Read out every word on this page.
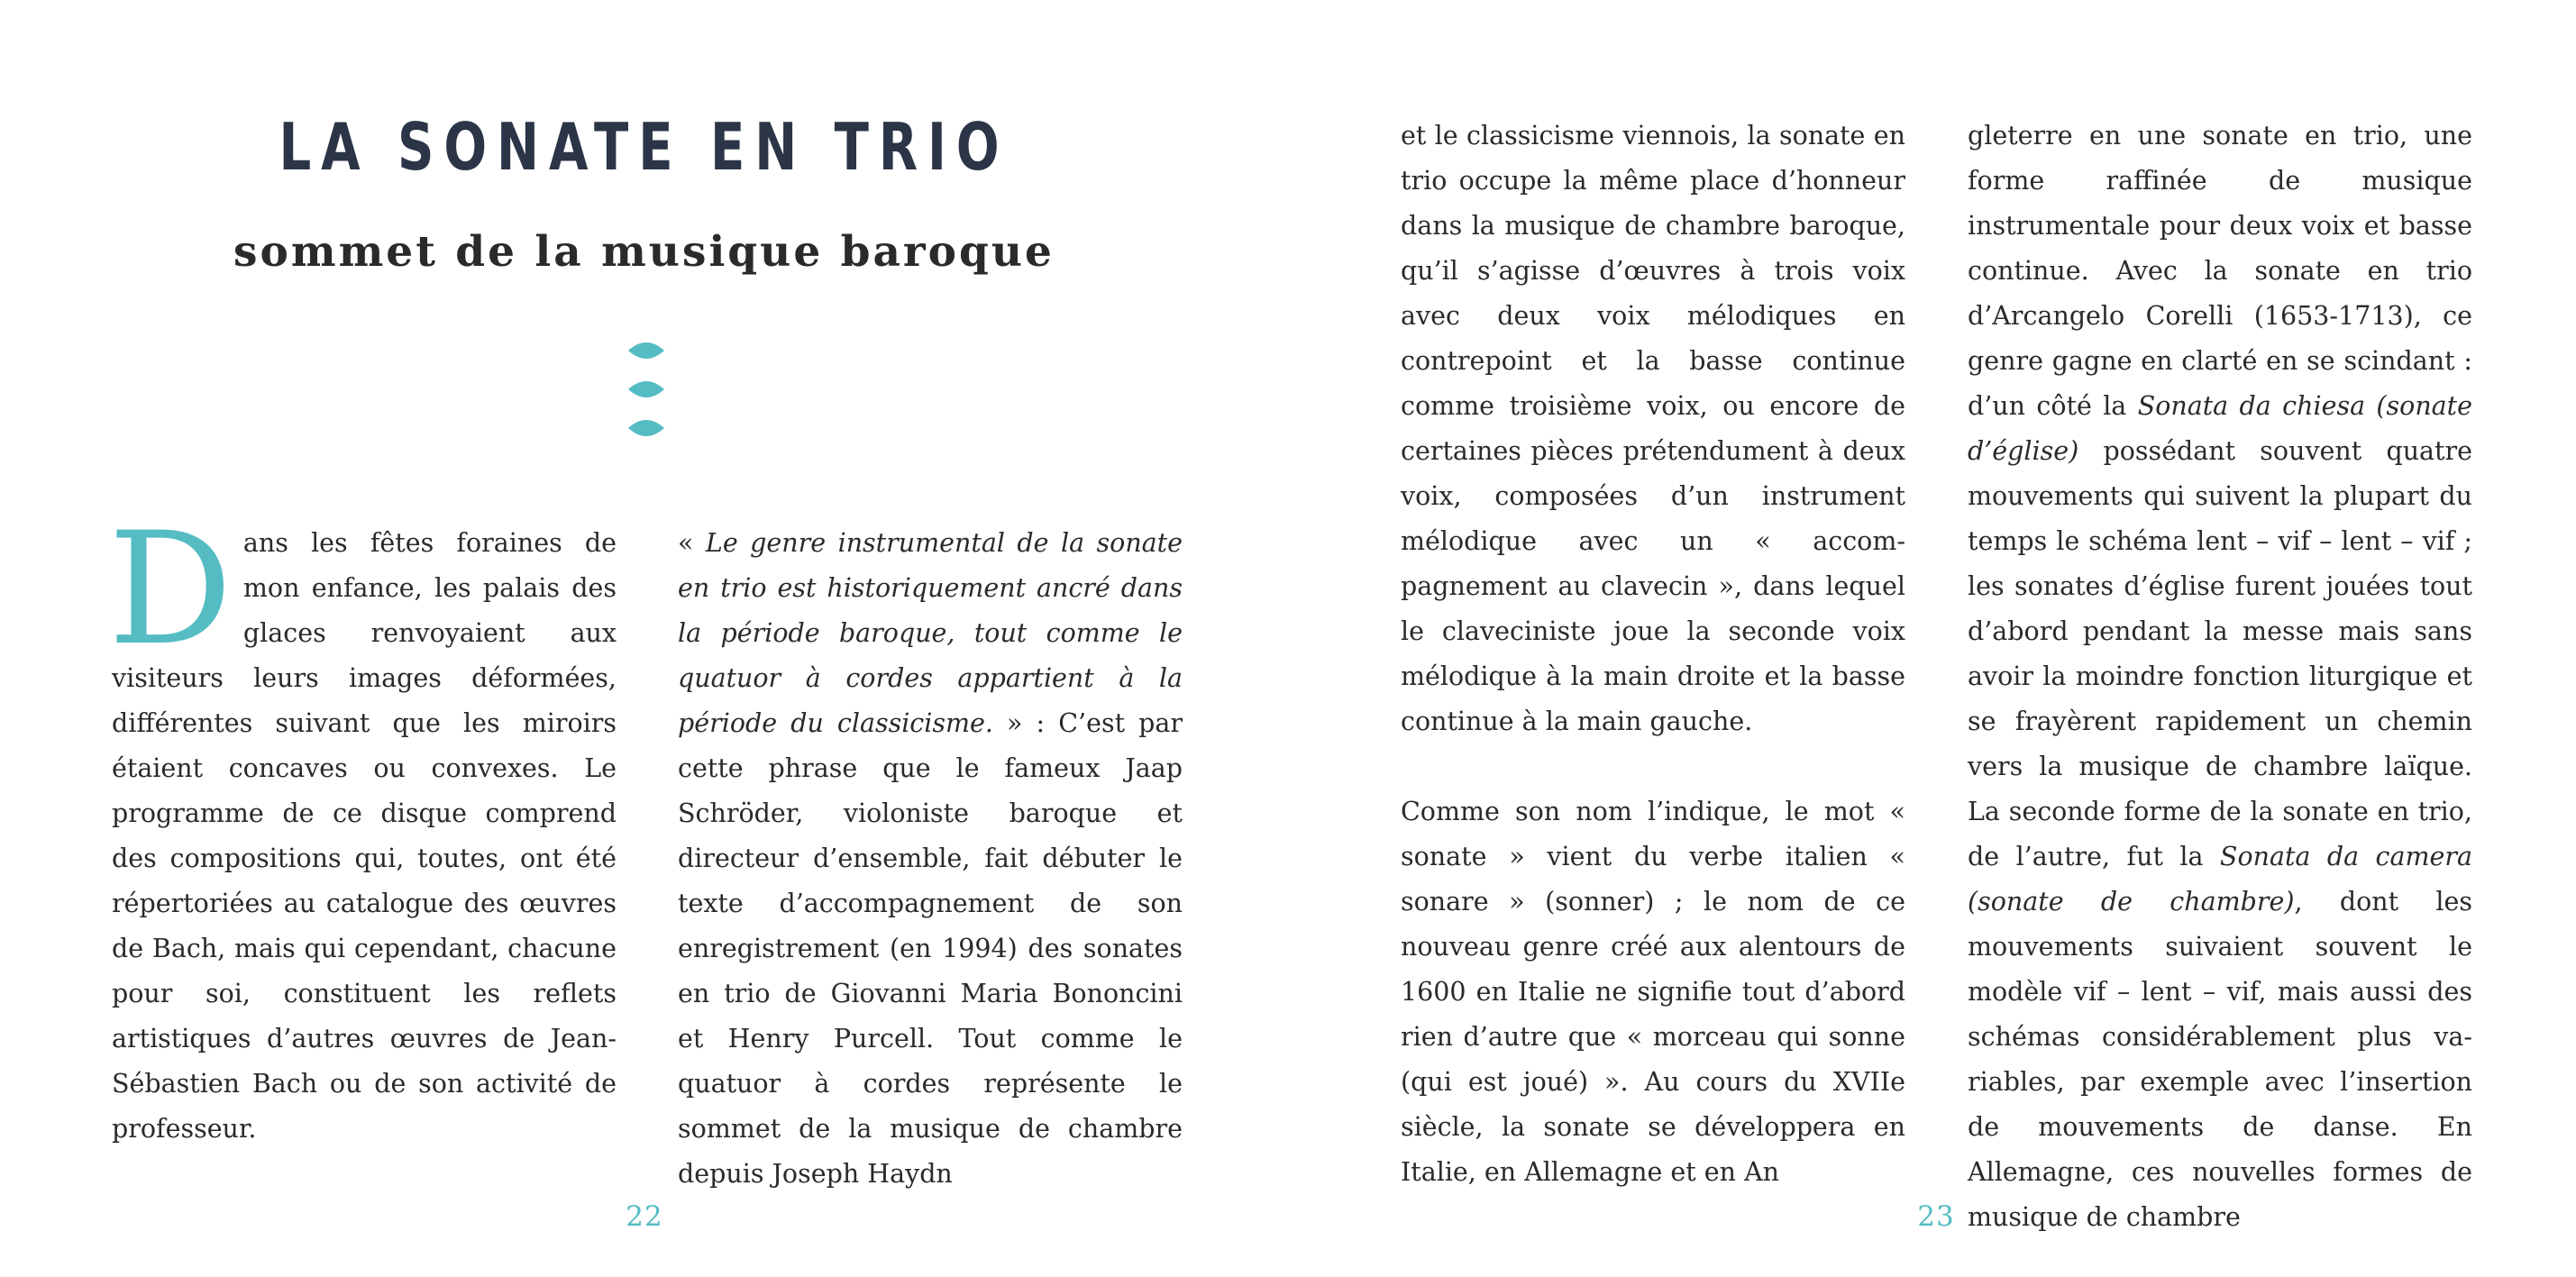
LA SONATE EN TRIO
sommet de la musique baroque

Dans les fêtes foraines de mon enfance, les palais des glaces renvoyaient aux visiteurs leurs images déformées, différentes suivant que les miroirs étaient concaves ou convexes. Le programme de ce disque comprend des compositions qui, toutes, ont été répertoriées au catalogue des œuvres de Bach, mais qui cependant, chacune pour soi, constituent les reflets artistiques d’autres œuvres de Jean-Sébastien Bach ou de son activité de professeur.

« Le genre instrumental de la sonate en trio est historiquement ancré dans la période baroque, tout comme le quatuor à cordes appartient à la période du classicisme. » : C’est par cette phrase que le fameux Jaap Schröder, violoniste baroque et directeur d’ensemble, fait débuter le texte d’accompagnement de son enregistrement (en 1994) des sonates en trio de Giovanni Maria Bononcini et Henry Purcell. Tout comme le quatuor à cordes représente le sommet de la musique de chambre depuis Joseph Haydn

22

et le classicisme viennois, la sonate en trio occupe la même place d’honneur dans la musique de chambre baroque, qu’il s’agisse d’œuvres à trois voix avec deux voix mélodiques en contrepoint et la basse continue comme troisième voix, ou encore de certaines pièces prétendument à deux voix, composées d’un instrument mélodique avec un « accompagnement au clavecin », dans lequel le claveciniste joue la seconde voix mélodique à la main droite et la basse continue à la main gauche.

Comme son nom l’indique, le mot « sonate » vient du verbe italien « sonare » (sonner) ; le nom de ce nouveau genre créé aux alentours de 1600 en Italie ne signifie tout d’abord rien d’autre que « morceau qui sonne (qui est joué) ». Au cours du XVIIe siècle, la sonate se développera en Italie, en Allemagne et en An

gleterre en une sonate en trio, une forme raffinée de musique instrumentale pour deux voix et basse continue. Avec la sonate en trio d’Arcangelo Corelli (1653-1713), ce genre gagne en clarté en se scindant : d’un côté la Sonata da chiesa (sonate d’église) possédant souvent quatre mouvements qui suivent la plupart du temps le schéma lent – vif – lent – vif ; les sonates d’église furent jouées tout d’abord pendant la messe mais sans avoir la moindre fonction liturgique et se frayèrent rapidement un chemin vers la musique de chambre laïque. La seconde forme de la sonate en trio, de l’autre, fut la Sonata da camera (sonate de chambre), dont les mouvements suivaient souvent le modèle vif – lent – vif, mais aussi des schémas considérablement plus variables, par exemple avec l’insertion de mouvements de danse. En Allemagne, ces nouvelles formes de musique de chambre

23
